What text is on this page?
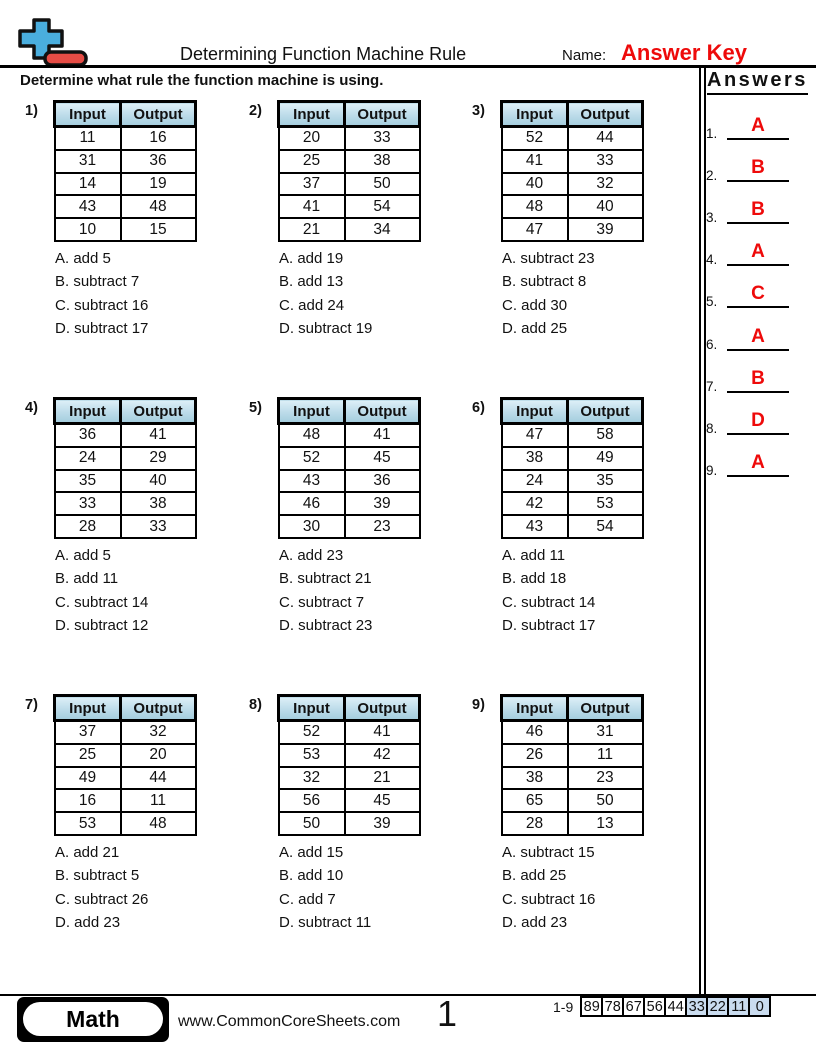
Determining Function Machine Rule	Name: Answer Key
Determine what rule the function machine is using.	Answers
1.	A
2.	B
3.	B
4.	A
5.	C
6.	A
7.	B
8.	D
9.	A
1) Input	Output
11	16
31	36
14	19
43	48
10	15
A. add 5
B. subtract 7
C. subtract 16
D. subtract 17
2) Input	Output
20	33
25	38
37	50
41	54
21	34
A. add 19
B. add 13
C. add 24
D. subtract 19
3) Input	Output
52	44
41	33
40	32
48	40
47	39
A. subtract 23
B. subtract 8
C. add 30
D. add 25
4) Input	Output
36	41
24	29
35	40
33	38
28	33
A. add 5
B. add 11
C. subtract 14
D. subtract 12
5) Input	Output
48	41
52	45
43	36
46	39
30	23
A. add 23
B. subtract 21
C. subtract 7
D. subtract 23
6) Input	Output
47	58
38	49
24	35
42	53
43	54
A. add 11
B. add 18
C. subtract 14
D. subtract 17
7) Input	Output
37	32
25	20
49	44
16	11
53	48
A. add 21
B. subtract 5
C. subtract 26
D. add 23
8) Input	Output
52	41
53	42
32	21
56	45
50	39
A. add 15
B. add 10
C. add 7
D. subtract 11
9) Input	Output
46	31
26	11
38	23
65	50
28	13
A. subtract 15
B. add 25
C. subtract 16
D. add 23
Math	www.CommonCoreSheets.com	1	1-9 89 78 67 56 44 33 22 11 0
